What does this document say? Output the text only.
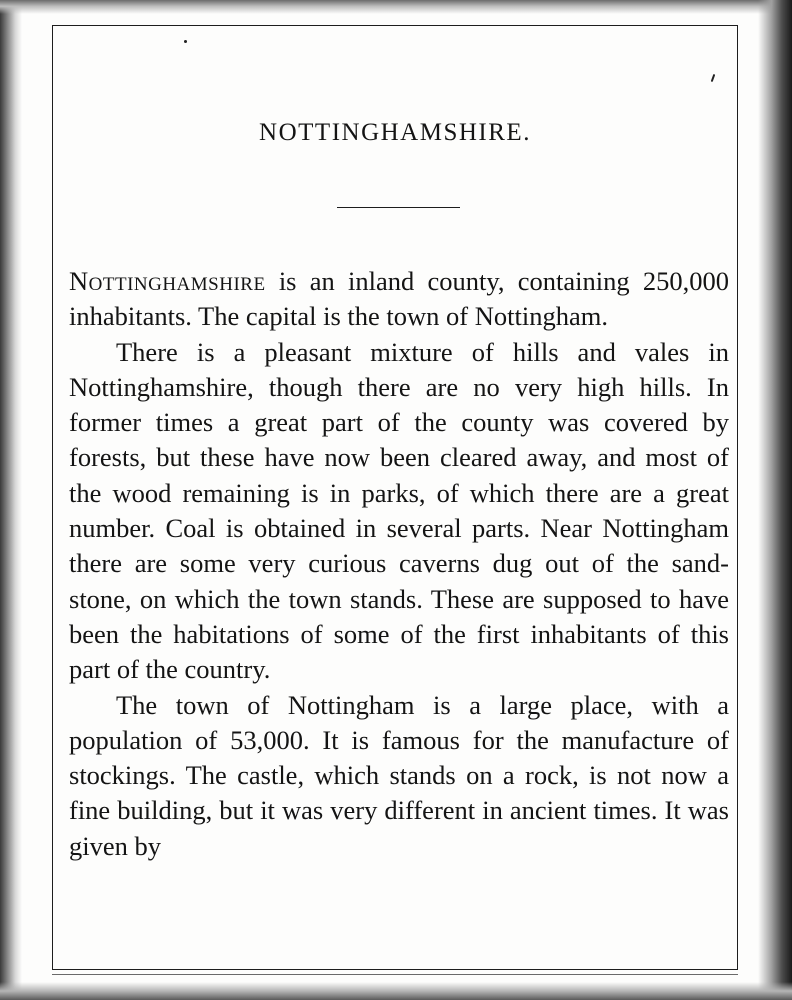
NOTTINGHAMSHIRE.

Nottinghamshire is an inland county, containing 250,000 inhabitants. The capital is the town of Nottingham.

There is a pleasant mixture of hills and vales in Nottinghamshire, though there are no very high hills. In former times a great part of the county was covered by forests, but these have now been cleared away, and most of the wood remaining is in parks, of which there are a great number. Coal is obtained in several parts. Near Nottingham there are some very curious caverns dug out of the sand-stone, on which the town stands. These are supposed to have been the habitations of some of the first inhabitants of this part of the country.

The town of Nottingham is a large place, with a population of 53,000. It is famous for the manufacture of stockings. The castle, which stands on a rock, is not now a fine building, but it was very different in ancient times. It was given by
